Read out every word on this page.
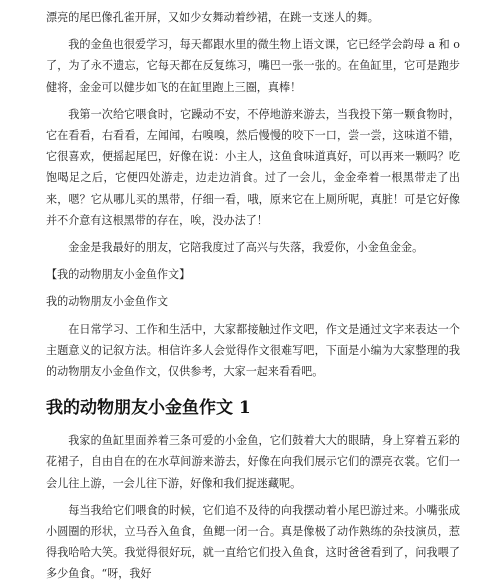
漂亮的尾巴像孔雀开屏，又如少女舞动着纱裙，在跳一支迷人的舞。

我的金鱼也很爱学习，每天都跟水里的微生物上语文课，它已经学会韵母 a 和 o 了，为了永不遗忘，它每天都在反复练习，嘴巴一张一张的。在鱼缸里，它可是跑步健将，金金可以健步如飞的在缸里跑上三圈，真棒！

我第一次给它喂食时，它躁动不安，不停地游来游去，当我投下第一颗食物时，它在看看，右看看，左闻闻，右嗅嗅，然后慢慢的咬下一口，尝一尝，这味道不错，它很喜欢，便摇起尾巴，好像在说：小主人，这鱼食味道真好，可以再来一颗吗？吃饱喝足之后，它便四处游走，边走边消食。过了一会儿，金金牵着一根黑带走了出来，嗯？它从哪儿买的黑带，仔细一看，哦，原来它在上厕所呢，真脏！可是它好像并不介意有这根黑带的存在，唉，没办法了！

金金是我最好的朋友，它陪我度过了高兴与失落，我爱你，小金鱼金金。

【我的动物朋友小金鱼作文】

我的动物朋友小金鱼作文

在日常学习、工作和生活中，大家都接触过作文吧，作文是通过文字来表达一个主题意义的记叙方法。相信许多人会觉得作文很难写吧，下面是小编为大家整理的我的动物朋友小金鱼作文，仅供参考，大家一起来看看吧。

我的动物朋友小金鱼作文 1

我家的鱼缸里面养着三条可爱的小金鱼，它们鼓着大大的眼睛，身上穿着五彩的花裙子，自由自在的在水草间游来游去，好像在向我们展示它们的漂亮衣裳。它们一会儿往上游，一会儿往下游，好像和我们捉迷藏呢。

每当我给它们喂食的时候，它们追不及待的向我摆动着小尾巴游过来。小嘴张成小圆圈的形状，立马吞入鱼食，鱼鳃一闭一合。真是像极了动作熟练的杂技演员，惹得我哈哈大笑。我觉得很好玩，就一直给它们投入鱼食，这时爸爸看到了，问我喂了多少鱼食。“呀，我好
